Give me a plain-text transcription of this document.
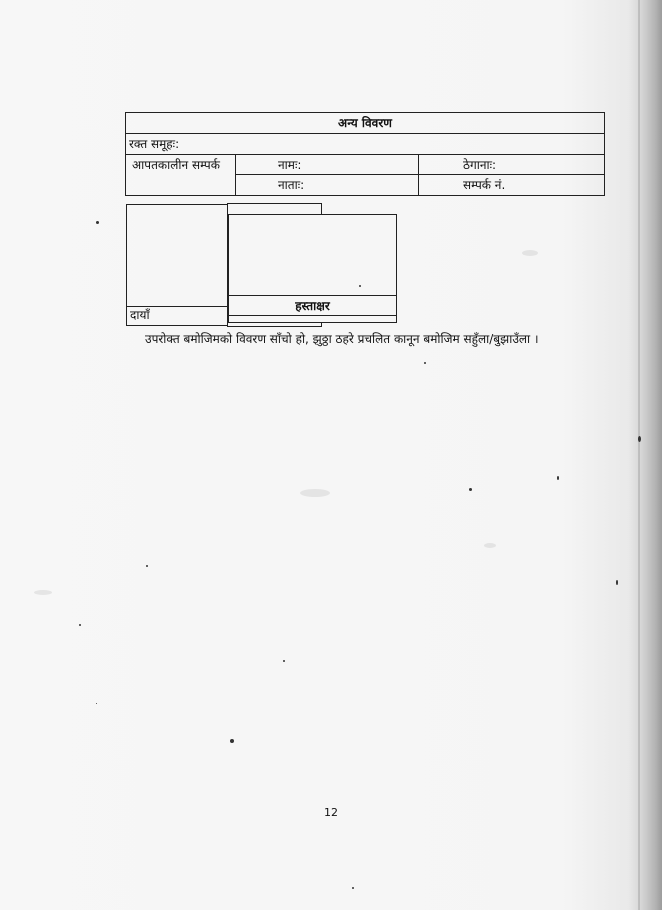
अन्य विवरण
रक्त समूहः:
आपतकालीन सम्पर्क	नामः:	ठेगानाः:
नाताः:	सम्पर्क नं.
दायाँ
हस्ताक्षर
उपरोक्त बमोजिमको विवरण साँचो हो, झुठ्ठा ठहरे प्रचलित कानून बमोजिम सहुँला/बुझाउँला ।
12
